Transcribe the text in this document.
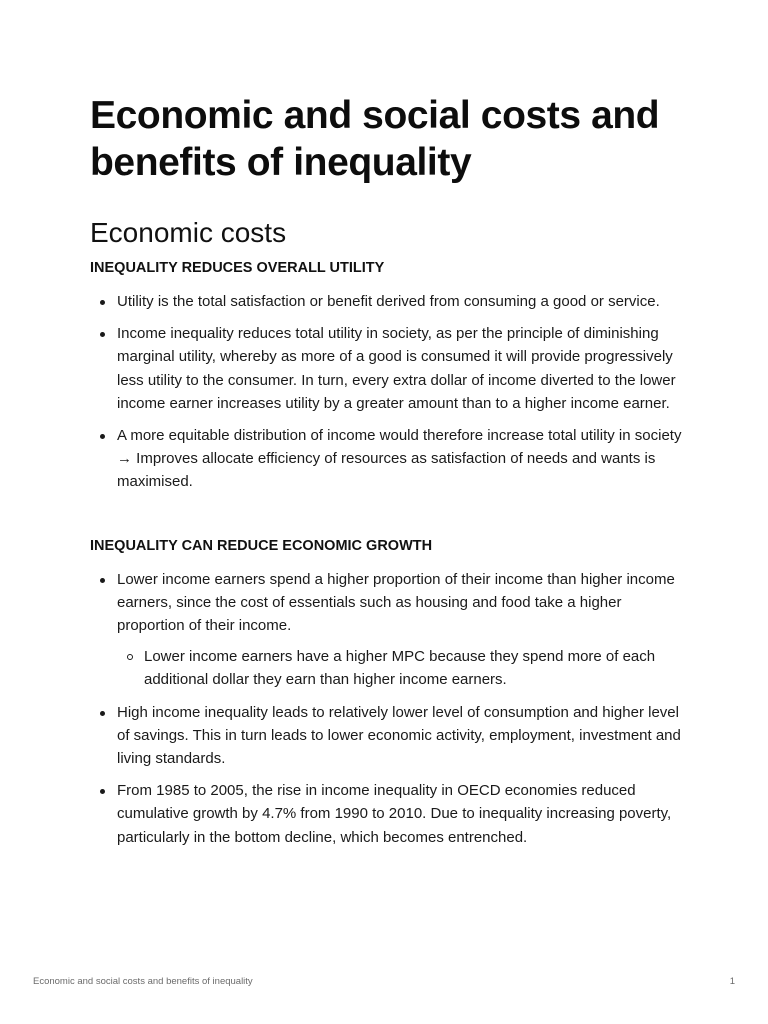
Economic and social costs and benefits of inequality
Economic costs
INEQUALITY REDUCES OVERALL UTILITY
Utility is the total satisfaction or benefit derived from consuming a good or service.
Income inequality reduces total utility in society, as per the principle of diminishing marginal utility, whereby as more of a good is consumed it will provide progressively less utility to the consumer. In turn, every extra dollar of income diverted to the lower income earner increases utility by a greater amount than to a higher income earner.
A more equitable distribution of income would therefore increase total utility in society → Improves allocate efficiency of resources as satisfaction of needs and wants is maximised.
INEQUALITY CAN REDUCE ECONOMIC GROWTH
Lower income earners spend a higher proportion of their income than higher income earners, since the cost of essentials such as housing and food take a higher proportion of their income.
Lower income earners have a higher MPC because they spend more of each additional dollar they earn than higher income earners.
High income inequality leads to relatively lower level of consumption and higher level of savings. This in turn leads to lower economic activity, employment, investment and living standards.
From 1985 to 2005, the rise in income inequality in OECD economies reduced cumulative growth by 4.7% from 1990 to 2010. Due to inequality increasing poverty, particularly in the bottom decline, which becomes entrenched.
Economic and social costs and benefits of inequality	1
